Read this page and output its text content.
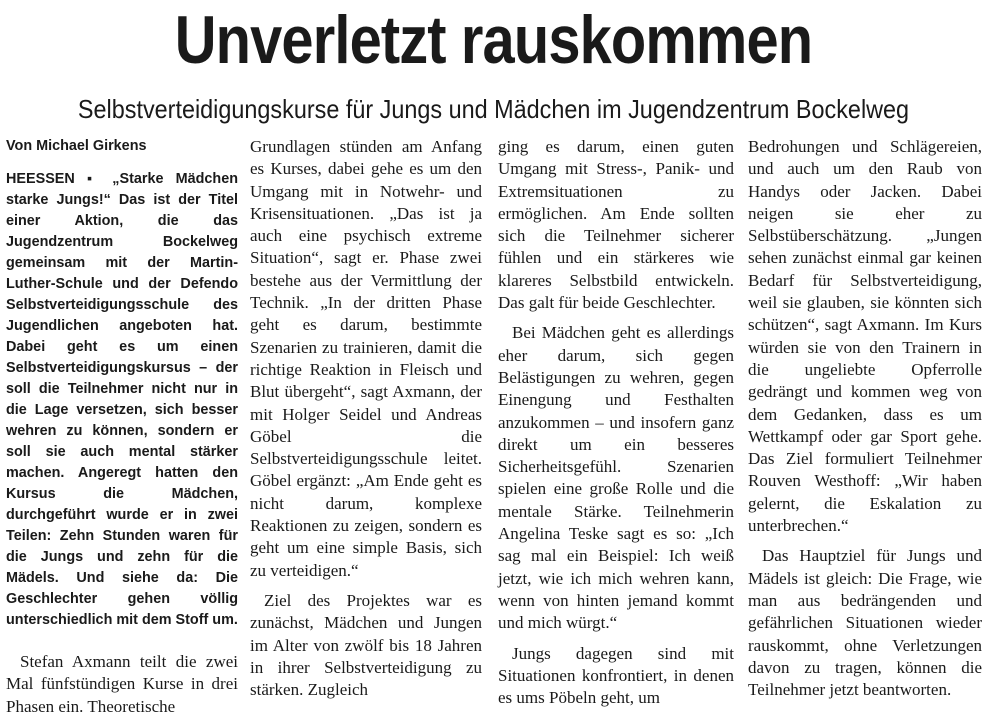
Unverletzt rauskommen
Selbstverteidigungskurse für Jungs und Mädchen im Jugendzentrum Bockelweg
Von Michael Girkens

HEESSEN ▪ „Starke Mädchen starke Jungs!“ Das ist der Titel einer Aktion, die das Jugendzentrum Bockelweg gemeinsam mit der Martin-Luther-Schule und der Defendo Selbstverteidigungsschule des Jugendlichen angeboten hat. Dabei geht es um einen Selbstverteidigungskursus – der soll die Teilnehmer nicht nur in die Lage versetzen, sich besser wehren zu können, sondern er soll sie auch mental stärker machen. Angeregt hatten den Kursus die Mädchen, durchgeführt wurde er in zwei Teilen: Zehn Stunden waren für die Jungs und zehn für die Mädels. Und siehe da: Die Geschlechter gehen völlig unterschiedlich mit dem Stoff um.

Stefan Axmann teilt die zwei Mal fünfstündigen Kurse in drei Phasen ein. Theoretische

Grundlagen stünden am Anfang es Kurses, dabei gehe es um den Umgang mit in Notwehr- und Krisensituationen. „Das ist ja auch eine psychisch extreme Situation“, sagt er. Phase zwei bestehe aus der Vermittlung der Technik. „In der dritten Phase geht es darum, bestimmte Szenarien zu trainieren, damit die richtige Reaktion in Fleisch und Blut übergeht“, sagt Axmann, der mit Holger Seidel und Andreas Göbel die Selbstverteidigungsschule leitet. Göbel ergänzt: „Am Ende geht es nicht darum, komplexe Reaktionen zu zeigen, sondern es geht um eine simple Basis, sich zu verteidigen.“

Ziel des Projektes war es zunächst, Mädchen und Jungen im Alter von zwölf bis 18 Jahren in ihrer Selbstverteidigung zu stärken. Zugleich

ging es darum, einen guten Umgang mit Stress-, Panik- und Extremsituationen zu ermöglichen. Am Ende sollten sich die Teilnehmer sicherer fühlen und ein stärkeres wie klareres Selbstbild entwickeln. Das galt für beide Geschlechter.

Bei Mädchen geht es allerdings eher darum, sich gegen Belästigungen zu wehren, gegen Einengung und Festhalten anzukommen – und insofern ganz direkt um ein besseres Sicherheitsgefühl. Szenarien spielen eine große Rolle und die mentale Stärke. Teilnehmerin Angelina Teske sagt es so: „Ich sag mal ein Beispiel: Ich weiß jetzt, wie ich mich wehren kann, wenn von hinten jemand kommt und mich würgt.“

Jungs dagegen sind mit Situationen konfrontiert, in denen es ums Pöbeln geht, um

Bedrohungen und Schlägereien, und auch um den Raub von Handys oder Jacken. Dabei neigen sie eher zu Selbstüberschätzung. „Jungen sehen zunächst einmal gar keinen Bedarf für Selbstverteidigung, weil sie glauben, sie könnten sich schützen“, sagt Axmann. Im Kurs würden sie von den Trainern in die ungeliebte Opferrolle gedrängt und kommen weg von dem Gedanken, dass es um Wettkampf oder gar Sport gehe. Das Ziel formuliert Teilnehmer Rouven Westhoff: „Wir haben gelernt, die Eskalation zu unterbrechen.“

Das Hauptziel für Jungs und Mädels ist gleich: Die Frage, wie man aus bedrängenden und gefährlichen Situationen wieder rauskommt, ohne Verletzungen davon zu tragen, können die Teilnehmer jetzt beantworten.
